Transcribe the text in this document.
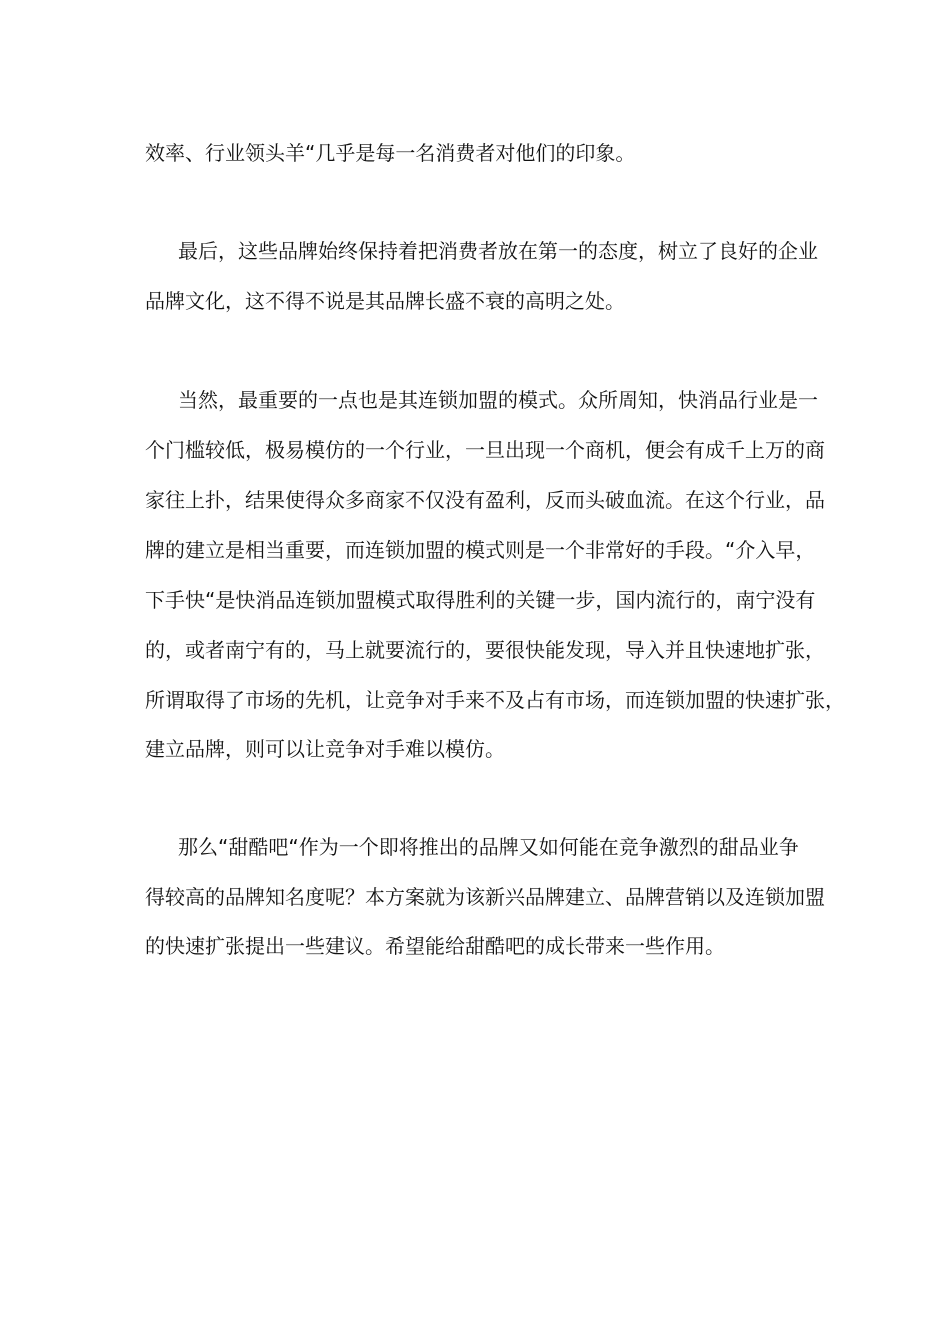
效率、行业领头羊“几乎是每一名消费者对他们的印象。
最后，这些品牌始终保持着把消费者放在第一的态度，树立了良好的企业
品牌文化，这不得不说是其品牌长盛不衰的高明之处。
当然，最重要的一点也是其连锁加盟的模式。众所周知，快消品行业是一
个门槛较低，极易模仿的一个行业，一旦出现一个商机，便会有成千上万的商
家往上扑，结果使得众多商家不仅没有盈利，反而头破血流。在这个行业，品
牌的建立是相当重要，而连锁加盟的模式则是一个非常好的手段。“介入早，
下手快“是快消品连锁加盟模式取得胜利的关键一步，国内流行的，南宁没有
的，或者南宁有的，马上就要流行的，要很快能发现，导入并且快速地扩张，
所谓取得了市场的先机，让竞争对手来不及占有市场，而连锁加盟的快速扩张，
建立品牌，则可以让竞争对手难以模仿。
那么“甜酷吧“作为一个即将推出的品牌又如何能在竞争激烈的甜品业争
得较高的品牌知名度呢？本方案就为该新兴品牌建立、品牌营销以及连锁加盟
的快速扩张提出一些建议。希望能给甜酷吧的成长带来一些作用。
